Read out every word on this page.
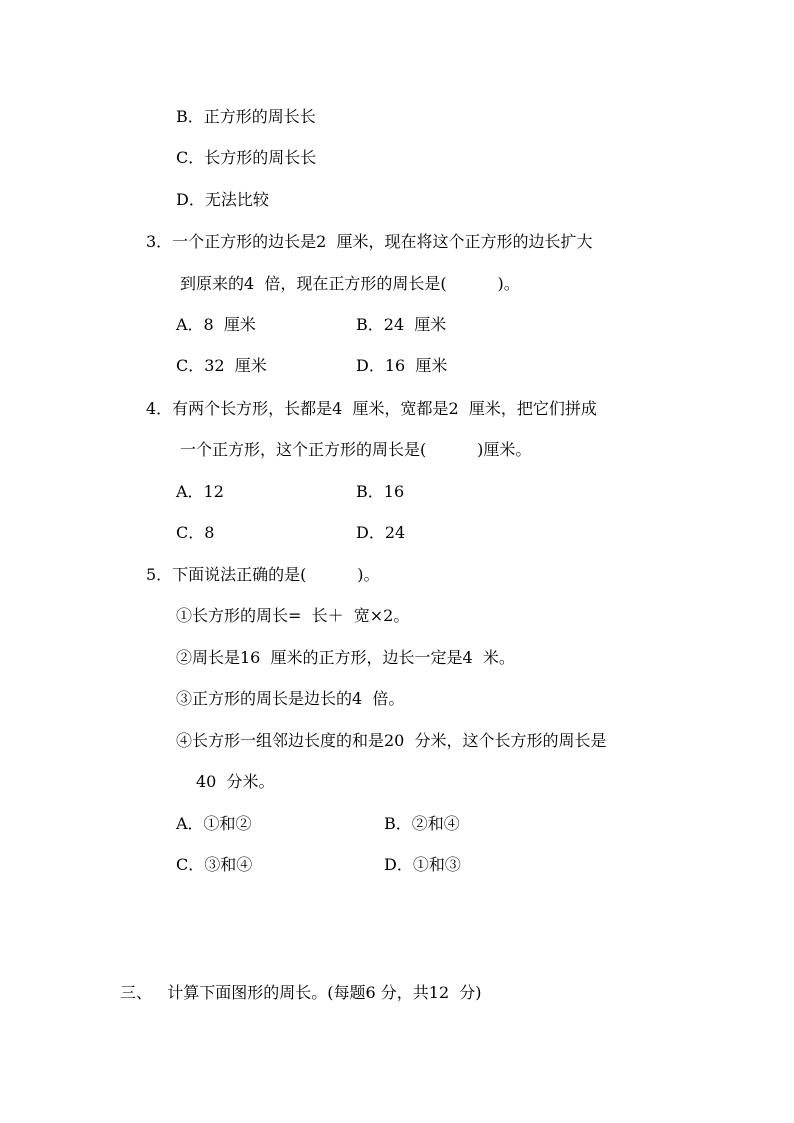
B．正方形的周长长
C．长方形的周长长
D．无法比较
3．一个正方形的边长是2  厘米，现在将这个正方形的边长扩大
到原来的4  倍，现在正方形的周长是(          )。
A．8  厘米	B．24  厘米
C．32  厘米	D．16  厘米
4．有两个长方形，长都是4  厘米，宽都是2  厘米，把它们拼成
一个正方形，这个正方形的周长是(          )厘米。
A．12	B．16
C．8	D．24
5．下面说法正确的是(          )。
①长方形的周长=  长＋  宽×2。
②周长是16  厘米的正方形，边长一定是4  米。
③正方形的周长是边长的4  倍。
④长方形一组邻边长度的和是20  分米，这个长方形的周长是
40  分米。
A．①和②	B．②和④
C．③和④	D．①和③
三、   计算下面图形的周长。(每题6 分，共12  分)
